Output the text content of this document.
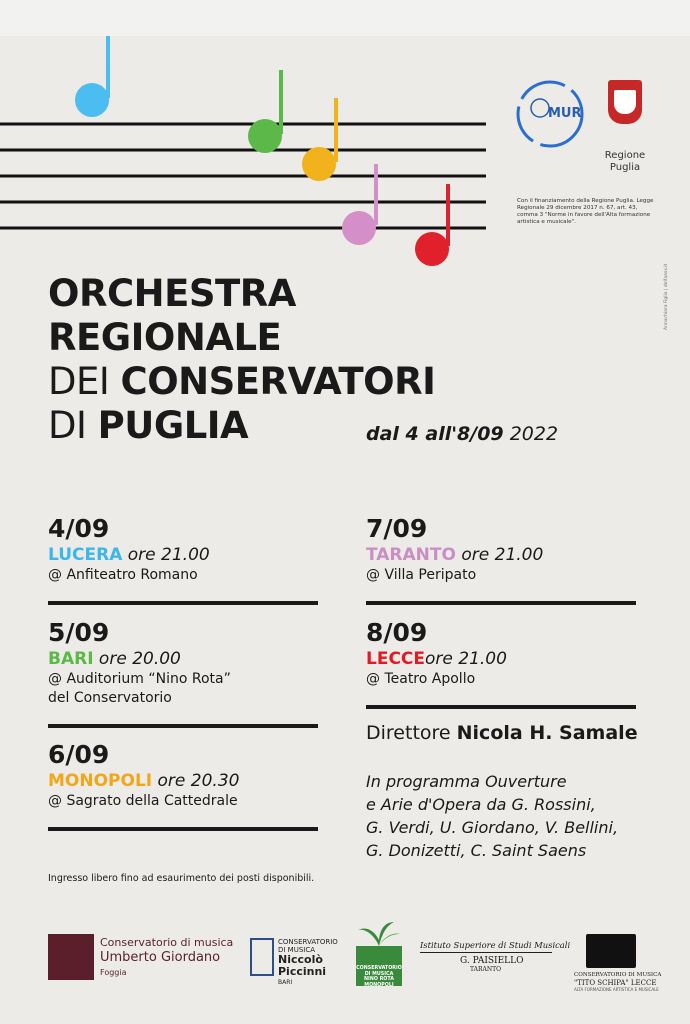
MUR
Regione Puglia
Con il finanziamento della Regione Puglia. Legge Regionale 29 dicembre 2017 n. 67, art. 43, comma 3 "Norme in favore dell'Alta formazione artistica e musicale".
Annachiara Figlia | dolfaasx.it
ORCHESTRA
REGIONALE
DEI CONSERVATORI
DI PUGLIA	dal 4 all'8/09 2022
4/09
LUCERA ore 21.00
@ Anfiteatro Romano
5/09
BARI ore 20.00
@ Auditorium “Nino Rota”
del Conservatorio
6/09
MONOPOLI ore 20.30
@ Sagrato della Cattedrale
7/09
TARANTO ore 21.00
@ Villa Peripato
8/09
LECCEore 21.00
@ Teatro Apollo
Direttore Nicola H. Samale
In programma Ouverture
e Arie d'Opera da G. Rossini,
G. Verdi, U. Giordano, V. Bellini,
G. Donizetti, C. Saint Saens
Ingresso libero fino ad esaurimento dei posti disponibili.
Conservatorio di musica
Umberto Giordano
Foggia
CONSERVATORIO
DI MUSICA
Niccolò
Piccinni
BARI
CONSERVATORIO
DI MUSICA
NINO ROTA
MONOPOLI
Istituto Superiore di Studi Musicali
G. PAISIELLO
TARANTO
CONSERVATORIO DI MUSICA
"TITO SCHIPA" LECCE
ALTA FORMAZIONE ARTISTICA E MUSICALE
